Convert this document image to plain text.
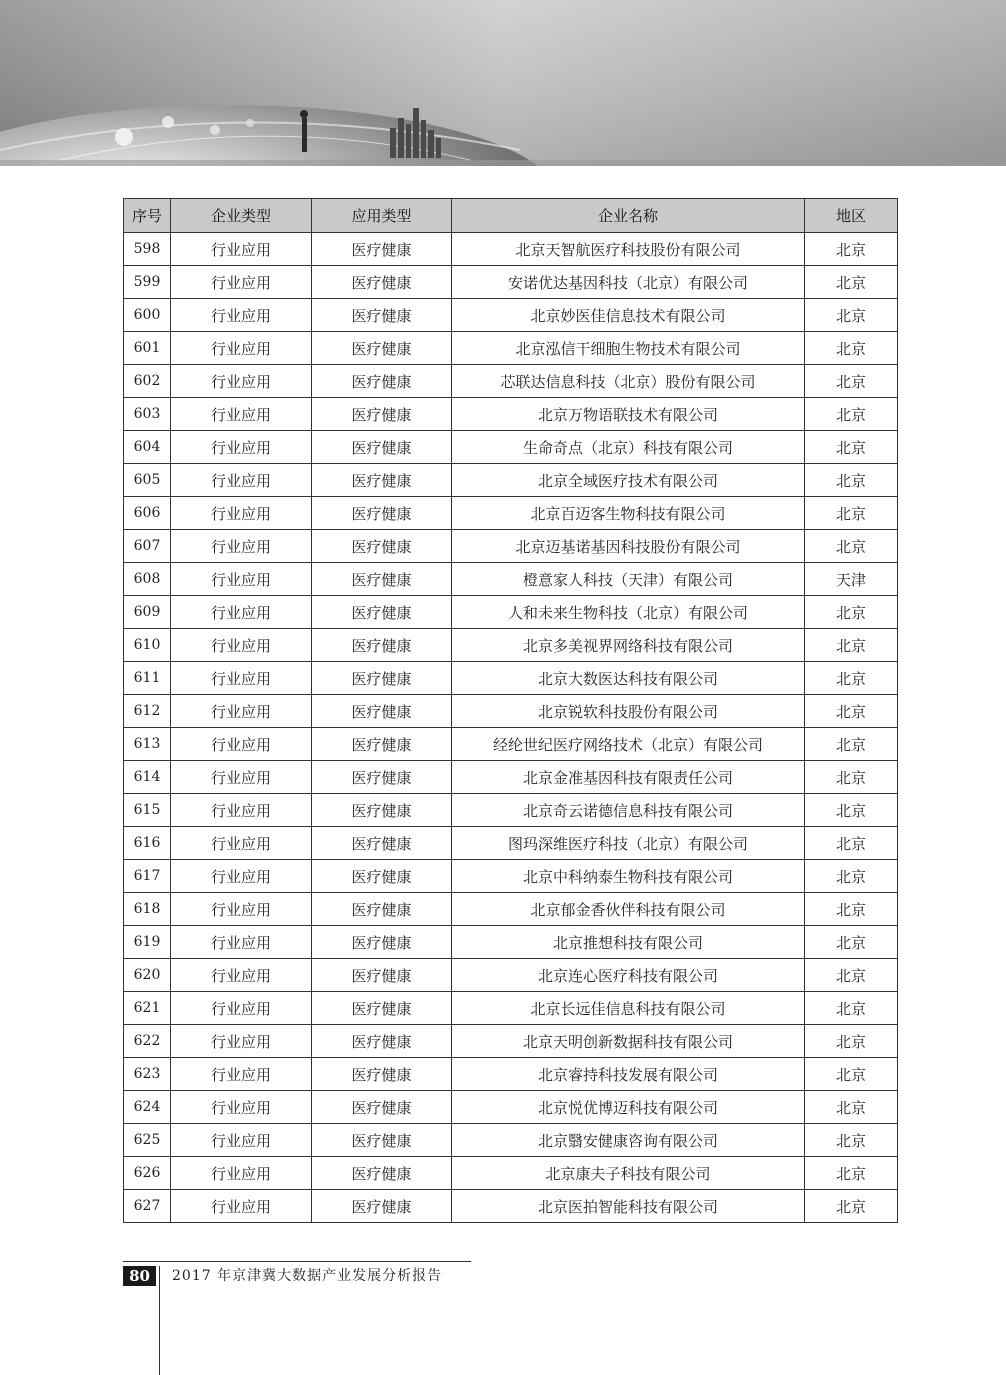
序号	企业类型	应用类型	企业名称	地区
598	行业应用	医疗健康	北京天智航医疗科技股份有限公司	北京
599	行业应用	医疗健康	安诺优达基因科技（北京）有限公司	北京
600	行业应用	医疗健康	北京妙医佳信息技术有限公司	北京
601	行业应用	医疗健康	北京泓信干细胞生物技术有限公司	北京
602	行业应用	医疗健康	芯联达信息科技（北京）股份有限公司	北京
603	行业应用	医疗健康	北京万物语联技术有限公司	北京
604	行业应用	医疗健康	生命奇点（北京）科技有限公司	北京
605	行业应用	医疗健康	北京全域医疗技术有限公司	北京
606	行业应用	医疗健康	北京百迈客生物科技有限公司	北京
607	行业应用	医疗健康	北京迈基诺基因科技股份有限公司	北京
608	行业应用	医疗健康	橙意家人科技（天津）有限公司	天津
609	行业应用	医疗健康	人和未来生物科技（北京）有限公司	北京
610	行业应用	医疗健康	北京多美视界网络科技有限公司	北京
611	行业应用	医疗健康	北京大数医达科技有限公司	北京
612	行业应用	医疗健康	北京锐软科技股份有限公司	北京
613	行业应用	医疗健康	经纶世纪医疗网络技术（北京）有限公司	北京
614	行业应用	医疗健康	北京金准基因科技有限责任公司	北京
615	行业应用	医疗健康	北京奇云诺德信息科技有限公司	北京
616	行业应用	医疗健康	图玛深维医疗科技（北京）有限公司	北京
617	行业应用	医疗健康	北京中科纳泰生物科技有限公司	北京
618	行业应用	医疗健康	北京郁金香伙伴科技有限公司	北京
619	行业应用	医疗健康	北京推想科技有限公司	北京
620	行业应用	医疗健康	北京连心医疗科技有限公司	北京
621	行业应用	医疗健康	北京长远佳信息科技有限公司	北京
622	行业应用	医疗健康	北京天明创新数据科技有限公司	北京
623	行业应用	医疗健康	北京睿持科技发展有限公司	北京
624	行业应用	医疗健康	北京悦优博迈科技有限公司	北京
625	行业应用	医疗健康	北京翳安健康咨询有限公司	北京
626	行业应用	医疗健康	北京康夫子科技有限公司	北京
627	行业应用	医疗健康	北京医拍智能科技有限公司	北京
80	2017 年京津冀大数据产业发展分析报告
